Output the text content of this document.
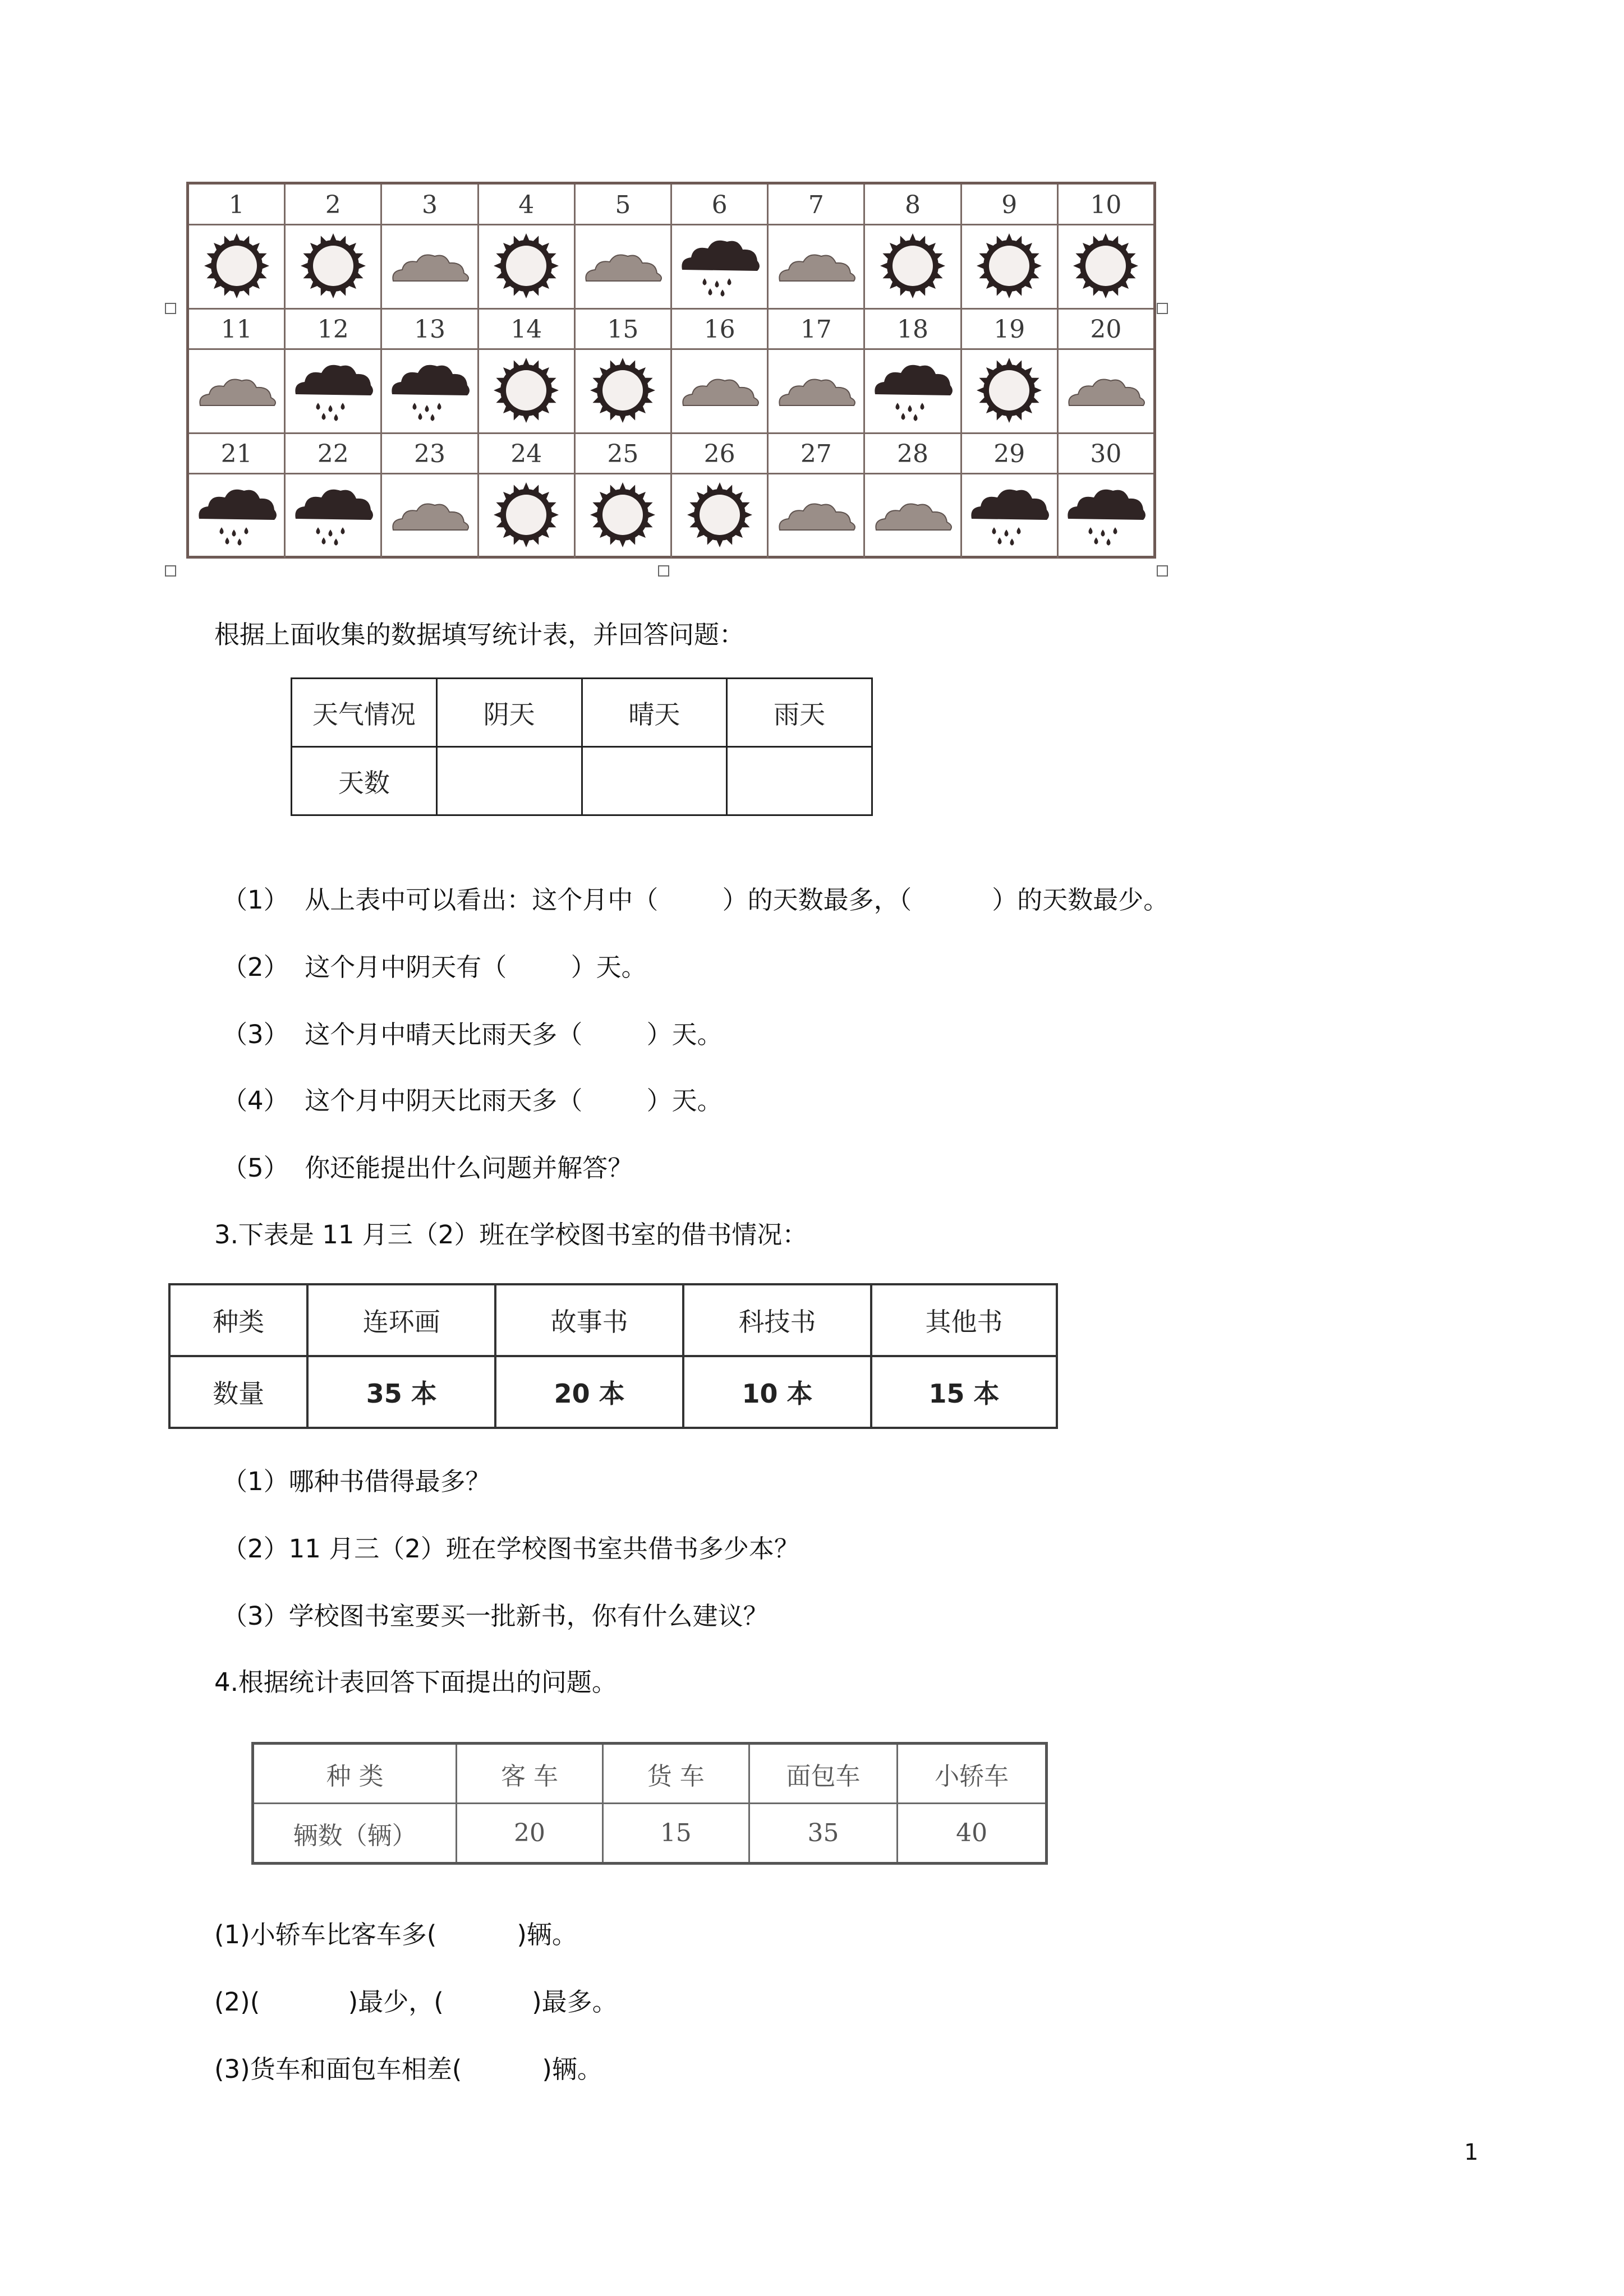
1	2	3	4	5	6	7	8	9	10
11	12	13	14	15	16	17	18	19	20
21	22	23	24	25	26	27	28	29	30
根据上面收集的数据填写统计表，并回答问题：
天气情况	阴天	晴天	雨天
天数			
（1）  从上表中可以看出：这个月中（        ）的天数最多，（          ）的天数最少。
（2）  这个月中阴天有（        ）天。
（3）  这个月中晴天比雨天多（        ）天。
（4）  这个月中阴天比雨天多（        ）天。
（5）  你还能提出什么问题并解答？
3.下表是 11 月三（2）班在学校图书室的借书情况：
种类	连环画	故事书	科技书	其他书
数量	35 本	20 本	10 本	15 本
（1）哪种书借得最多？
（2）11 月三（2）班在学校图书室共借书多少本？
（3）学校图书室要买一批新书，你有什么建议？
4.根据统计表回答下面提出的问题。
种 类	客 车	货 车	面包车	小轿车
辆数（辆）	20	15	35	40
(1)小轿车比客车多(          )辆。
(2)(           )最少，(           )最多。
(3)货车和面包车相差(          )辆。
1
